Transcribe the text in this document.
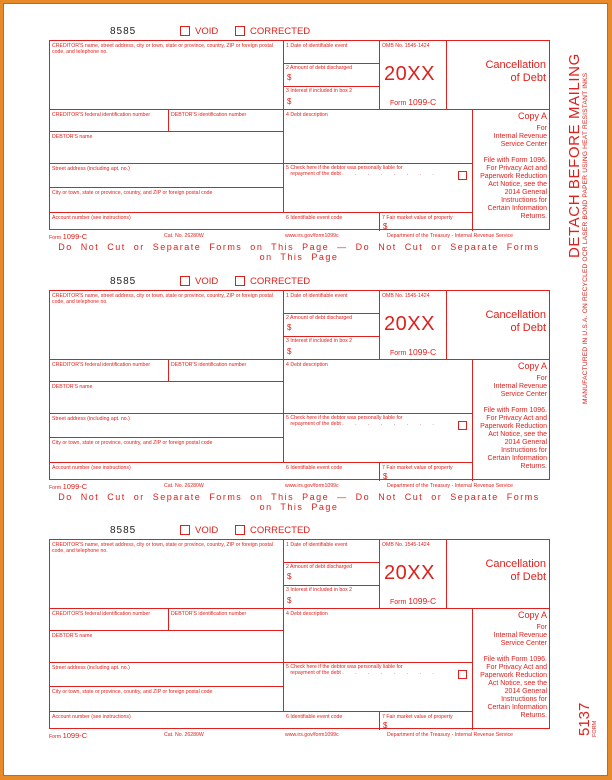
8585	VOID	CORRECTED
CREDITOR'S name, street address, city or town, state or province, country, ZIP or foreign postal code, and telephone no.
1 Date of identifiable event	OMB No. 1545-1424
2 Amount of debt discharged
$
3 Interest if included in box 2
$
20XX
Form 1099-C
Cancellation
of Debt
CREDITOR'S federal identification number	DEBTOR'S identification number	4 Debt description
DEBTOR'S name
Street address (including apt. no.)	5 Check here if the debtor was personally liable for
repayment of the debt . . . . . . . .
City or town, state or province, country, and ZIP or foreign postal code
Account number (see instructions)	6 Identifiable event code	7 Fair market value of property
$
Copy A
For
Internal Revenue
Service Center

File with Form 1096.
For Privacy Act and
Paperwork Reduction
Act Notice, see the
2014 General
Instructions for
Certain Information
Returns.
Form 1099-C	Cat. No. 26280W	www.irs.gov/form1099c	Department of the Treasury - Internal Revenue Service
Do Not Cut or Separate Forms on This Page — Do Not Cut or Separate Forms on This Page
8585	VOID	CORRECTED
CREDITOR'S name, street address, city or town, state or province, country, ZIP or foreign postal code, and telephone no.
1 Date of identifiable event	OMB No. 1545-1424
2 Amount of debt discharged
$
3 Interest if included in box 2
$
20XX
Form 1099-C
Cancellation
of Debt
CREDITOR'S federal identification number	DEBTOR'S identification number	4 Debt description
DEBTOR'S name
Street address (including apt. no.)	5 Check here if the debtor was personally liable for
repayment of the debt . . . . . . . .
City or town, state or province, country, and ZIP or foreign postal code
Account number (see instructions)	6 Identifiable event code	7 Fair market value of property
$
Copy A
For
Internal Revenue
Service Center

File with Form 1096.
For Privacy Act and
Paperwork Reduction
Act Notice, see the
2014 General
Instructions for
Certain Information
Returns.
Form 1099-C	Cat. No. 26280W	www.irs.gov/form1099c	Department of the Treasury - Internal Revenue Service
Do Not Cut or Separate Forms on This Page — Do Not Cut or Separate Forms on This Page
8585	VOID	CORRECTED
CREDITOR'S name, street address, city or town, state or province, country, ZIP or foreign postal code, and telephone no.
1 Date of identifiable event	OMB No. 1545-1424
2 Amount of debt discharged
$
3 Interest if included in box 2
$
20XX
Form 1099-C
Cancellation
of Debt
CREDITOR'S federal identification number	DEBTOR'S identification number	4 Debt description
DEBTOR'S name
Street address (including apt. no.)	5 Check here if the debtor was personally liable for
repayment of the debt . . . . . . . .
City or town, state or province, country, and ZIP or foreign postal code
Account number (see instructions)	6 Identifiable event code	7 Fair market value of property
$
Copy A
For
Internal Revenue
Service Center

File with Form 1096.
For Privacy Act and
Paperwork Reduction
Act Notice, see the
2014 General
Instructions for
Certain Information
Returns.
Form 1099-C	Cat. No. 26280W	www.irs.gov/form1099c	Department of the Treasury - Internal Revenue Service
DETACH BEFORE MAILING MANUFACTURED IN U.S.A. ON RECYCLED OCR LASER BOND PAPER USING HEAT RESISTANT INKS
5137 FORM
